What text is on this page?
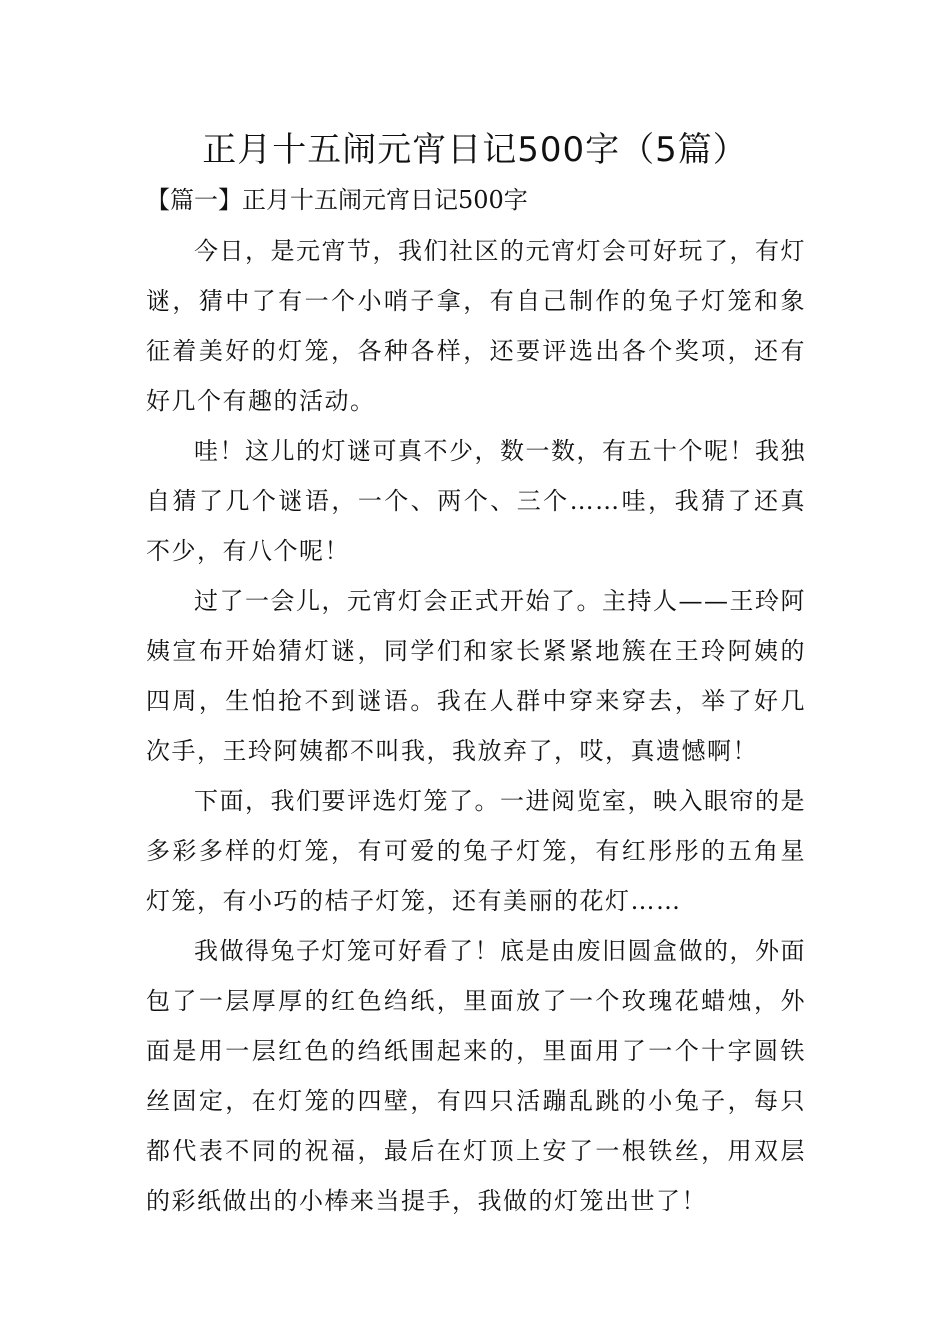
正月十五闹元宵日记500字（5篇）
【篇一】正月十五闹元宵日记500字

今日，是元宵节，我们社区的元宵灯会可好玩了，有灯谜，猜中了有一个小哨子拿，有自己制作的兔子灯笼和象征着美好的灯笼，各种各样，还要评选出各个奖项，还有好几个有趣的活动。

哇！这儿的灯谜可真不少，数一数，有五十个呢！我独自猜了几个谜语，一个、两个、三个……哇，我猜了还真不少，有八个呢！

过了一会儿，元宵灯会正式开始了。主持人——王玲阿姨宣布开始猜灯谜，同学们和家长紧紧地簇在王玲阿姨的四周，生怕抢不到谜语。我在人群中穿来穿去，举了好几次手，王玲阿姨都不叫我，我放弃了，哎，真遗憾啊！

下面，我们要评选灯笼了。一进阅览室，映入眼帘的是多彩多样的灯笼，有可爱的兔子灯笼，有红彤彤的五角星灯笼，有小巧的桔子灯笼，还有美丽的花灯……

我做得兔子灯笼可好看了！底是由废旧圆盒做的，外面包了一层厚厚的红色绉纸，里面放了一个玫瑰花蜡烛，外面是用一层红色的绉纸围起来的，里面用了一个十字圆铁丝固定，在灯笼的四壁，有四只活蹦乱跳的小兔子，每只都代表不同的祝福，最后在灯顶上安了一根铁丝，用双层的彩纸做出的小棒来当提手，我做的灯笼出世了！
